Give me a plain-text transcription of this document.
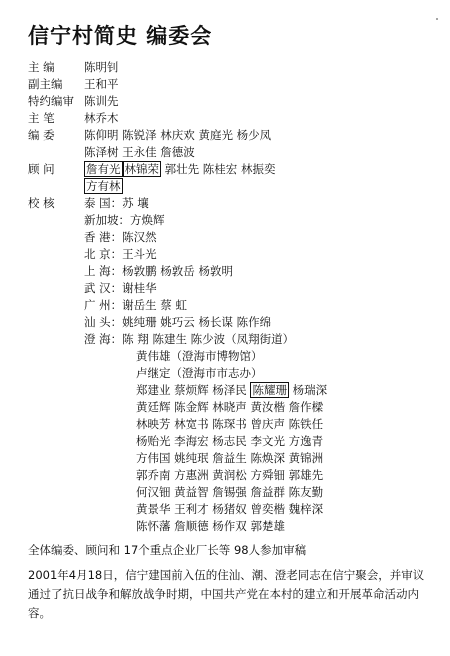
信宁村简史 编委会
主 编	陈明钊
副主编 王和平
特约编审 陈训先
主 笔	林乔木
编 委	陈仰明 陈锐泽 林庆欢 黄庭光 杨少凤
陈泽树 王永佳 詹德波
顾 问	詹有光 林锦荣 郭壮先 陈桂宏 林振奕
方有林
校 核	泰 国：苏 壤
新加坡：方焕辉
香 港：陈汉然
北 京：王斗光
上 海：杨敦鹏 杨敦岳 杨敦明
武 汉：谢桂华
广 州：谢岳生 蔡 虹
汕 头：姚纯珊 姚巧云 杨长谋 陈作绵
澄 海：陈 翔 陈建生 陈少波（凤翔街道）
黄伟雄（澄海市博物馆）
卢继定（澄海市市志办）
郑建业 蔡烦辉 杨泽民 陈耀珊 杨瑞深
黄廷辉 陈金辉 林晓声 黄汝楷 詹作樑
林映芳 林宽书 陈琛书 曾庆声 陈铁任
杨贻光 李海宏 杨志民 李文光 方逸青
方伟国 姚纯珉 詹益生 陈焕深 黄锦洲
郭乔南 方惠洲 黄润松 方舜钿 郭雄先
何汉钿 黄益智 詹锡强 詹益群 陈友勤
黄景华 王利才 杨猪奴 曾奕楷 魏梓深
陈怀藩 詹顺德 杨作双 郭楚雄
全体编委、顾问和 17个重点企业厂长等 98人参加审稿
2001年4月18日，信宁建国前入伍的住汕、潮、澄老同志在信宁聚会，并审议通过了抗日战争和解放战争时期，中国共产党在本村的建立和开展革命活动内容。
